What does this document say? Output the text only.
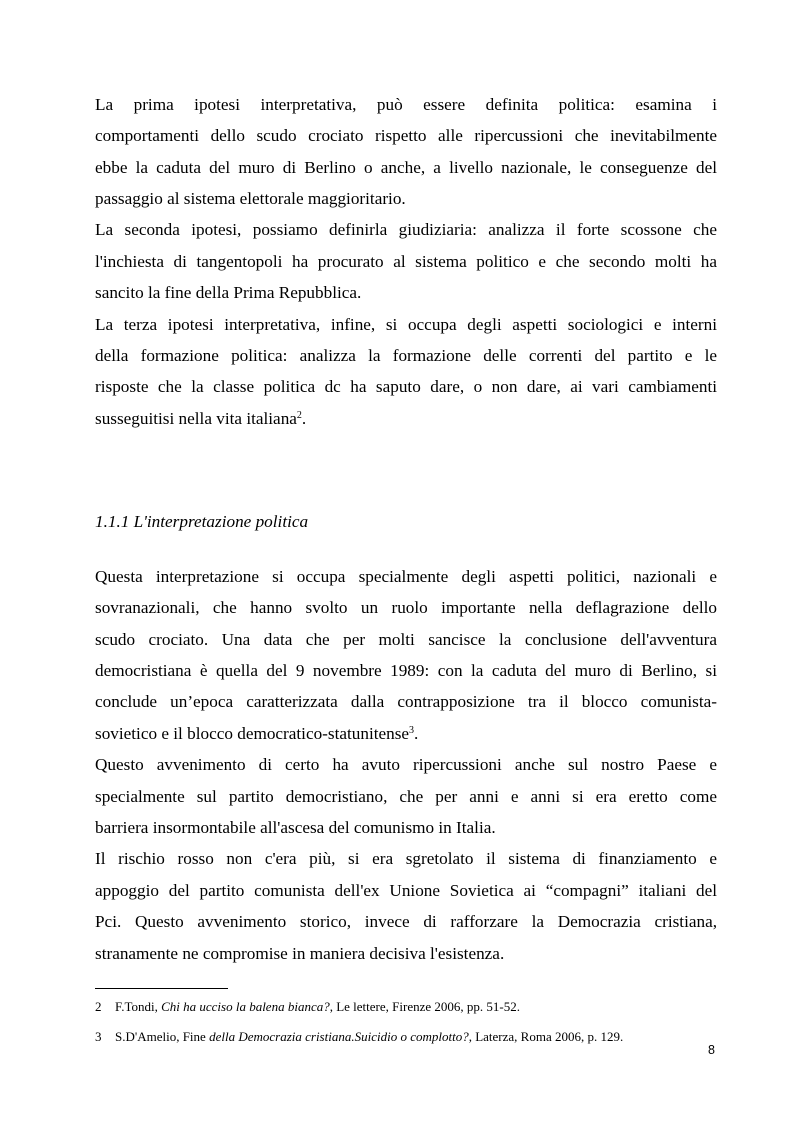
La prima ipotesi interpretativa, può essere definita politica: esamina i
comportamenti dello scudo crociato rispetto alle ripercussioni che inevitabilmente
ebbe la caduta del muro di Berlino o anche, a livello nazionale, le conseguenze del
passaggio al sistema elettorale maggioritario.
La seconda ipotesi, possiamo definirla giudiziaria: analizza il forte scossone che
l'inchiesta di tangentopoli ha procurato al sistema politico e che secondo molti ha
sancito la fine della Prima Repubblica.
La terza ipotesi interpretativa, infine, si occupa degli aspetti sociologici e interni
della formazione politica: analizza la formazione delle correnti del partito e le
risposte che la classe politica dc ha saputo dare, o non dare, ai vari cambiamenti
susseguitisi nella vita italiana$^2$.
1.1.1 L'interpretazione politica
Questa interpretazione si occupa specialmente degli aspetti politici, nazionali e
sovranazionali, che hanno svolto un ruolo importante nella deflagrazione dello
scudo crociato. Una data che per molti sancisce la conclusione dell'avventura
democristiana è quella del 9 novembre 1989: con la caduta del muro di Berlino, si
conclude un’epoca caratterizzata dalla contrapposizione tra il blocco comunista-
sovietico e il blocco democratico-statunitense$^3$.
Questo avvenimento di certo ha avuto ripercussioni anche sul nostro Paese e
specialmente sul partito democristiano, che per anni e anni si era eretto come
barriera insormontabile all'ascesa del comunismo in Italia.
Il rischio rosso non c'era più, si era sgretolato il sistema di finanziamento e
appoggio del partito comunista dell'ex Unione Sovietica ai “compagni” italiani del
Pci. Questo avvenimento storico, invece di rafforzare la Democrazia cristiana,
stranamente ne compromise in maniera decisiva l'esistenza.
2 F.Tondi, Chi ha ucciso la balena bianca?, Le lettere, Firenze 2006, pp. 51-52.
3 S.D'Amelio, Fine della Democrazia cristiana.Suicidio o complotto?, Laterza, Roma 2006, p. 129.
8
